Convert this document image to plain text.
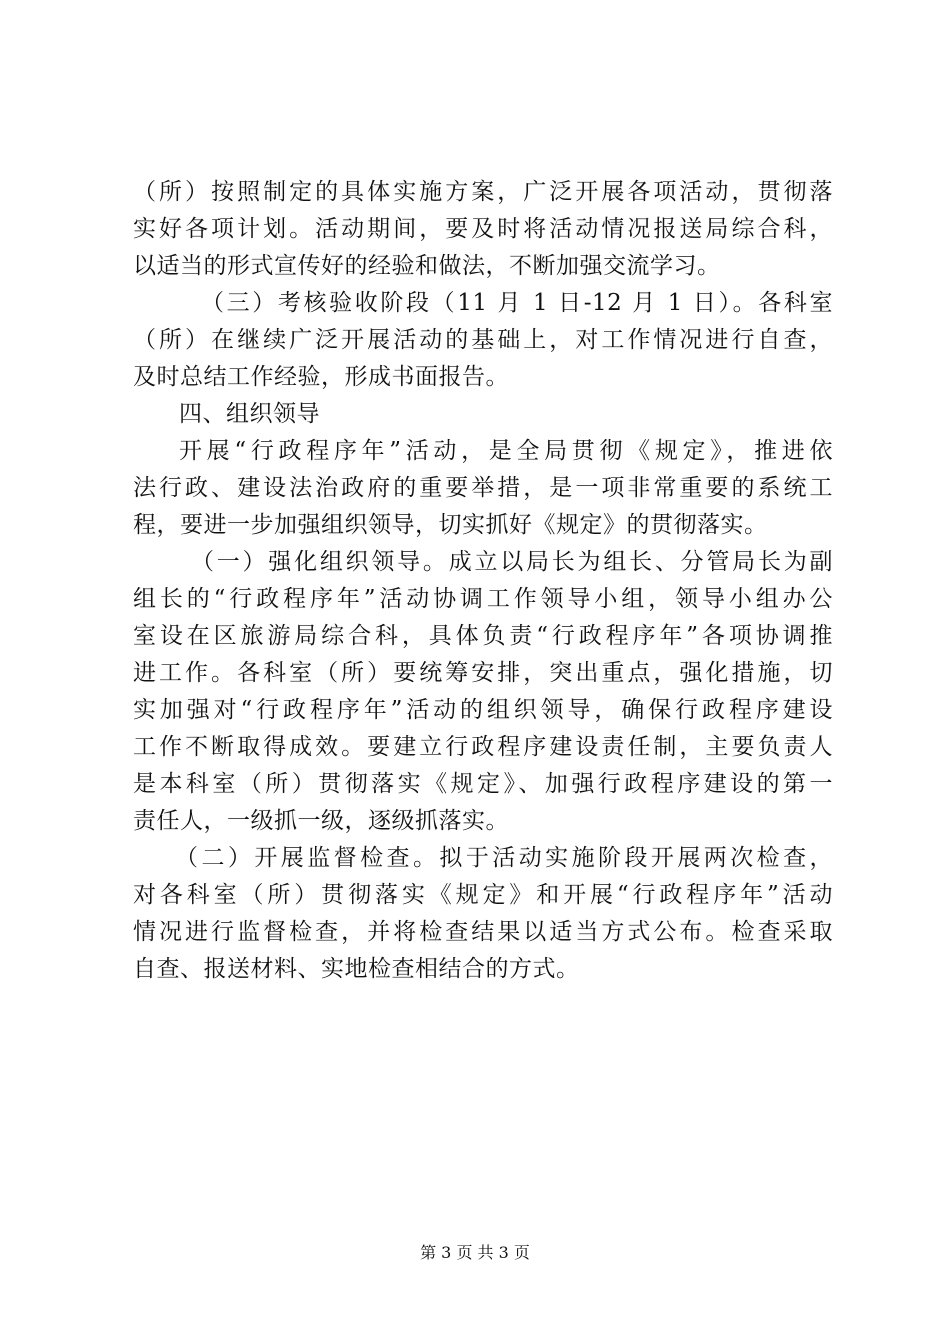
（所）按照制定的具体实施方案，广泛开展各项活动，贯彻落
实好各项计划。活动期间，要及时将活动情况报送局综合科，
以适当的形式宣传好的经验和做法，不断加强交流学习。
（三）考核验收阶段（11 月 1 日-12 月 1 日）。各科室
（所）在继续广泛开展活动的基础上，对工作情况进行自查，
及时总结工作经验，形成书面报告。
四、组织领导
开展“行政程序年”活动，是全局贯彻《规定》，推进依
法行政、建设法治政府的重要举措，是一项非常重要的系统工
程，要进一步加强组织领导，切实抓好《规定》的贯彻落实。
（一）强化组织领导。成立以局长为组长、分管局长为副
组长的“行政程序年”活动协调工作领导小组，领导小组办公
室设在区旅游局综合科，具体负责“行政程序年”各项协调推
进工作。各科室（所）要统筹安排，突出重点，强化措施，切
实加强对“行政程序年”活动的组织领导，确保行政程序建设
工作不断取得成效。要建立行政程序建设责任制，主要负责人
是本科室（所）贯彻落实《规定》、加强行政程序建设的第一
责任人，一级抓一级，逐级抓落实。
（二）开展监督检查。拟于活动实施阶段开展两次检查，
对各科室（所）贯彻落实《规定》和开展“行政程序年”活动
情况进行监督检查，并将检查结果以适当方式公布。检查采取
自查、报送材料、实地检查相结合的方式。
第 3 页 共 3 页
